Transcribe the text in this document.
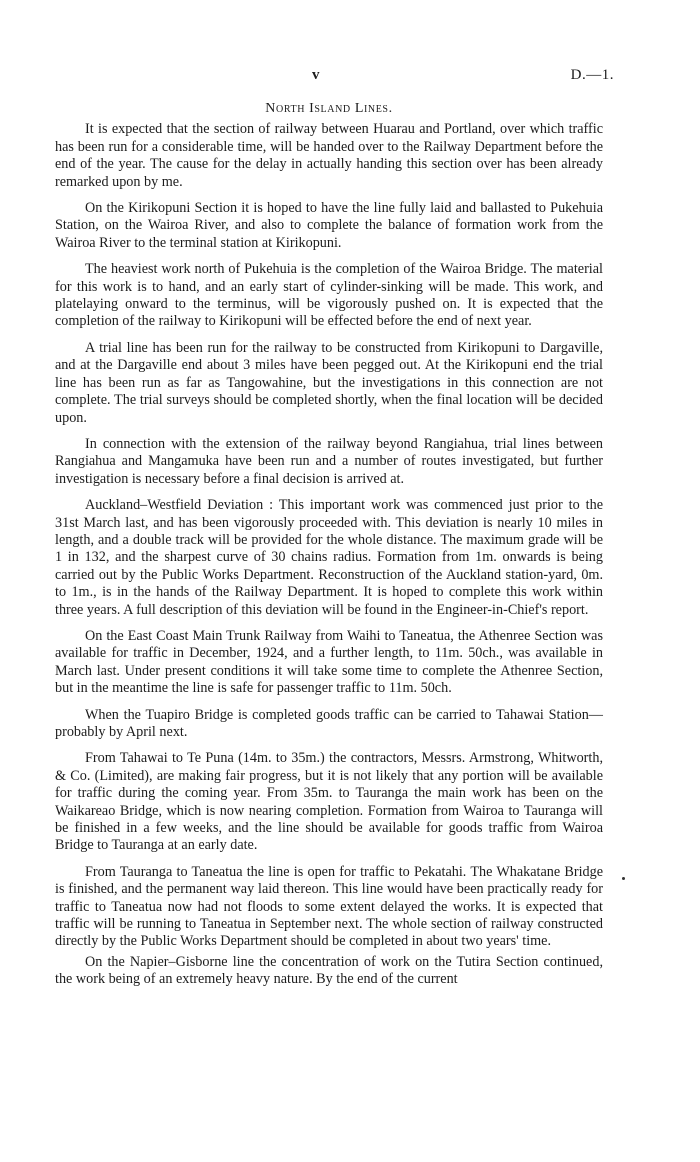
v	D.—1.
North Island Lines.

It is expected that the section of railway between Huarau and Portland, over which traffic has been run for a considerable time, will be handed over to the Railway Department before the end of the year. The cause for the delay in actually handing this section over has been already remarked upon by me.

On the Kirikopuni Section it is hoped to have the line fully laid and ballasted to Pukehuia Station, on the Wairoa River, and also to complete the balance of formation work from the Wairoa River to the terminal station at Kirikopuni.

The heaviest work north of Pukehuia is the completion of the Wairoa Bridge. The material for this work is to hand, and an early start of cylinder-sinking will be made. This work, and platelaying onward to the terminus, will be vigorously pushed on. It is expected that the completion of the railway to Kirikopuni will be effected before the end of next year.

A trial line has been run for the railway to be constructed from Kirikopuni to Dargaville, and at the Dargaville end about 3 miles have been pegged out. At the Kirikopuni end the trial line has been run as far as Tangowahine, but the investigations in this connection are not complete. The trial surveys should be completed shortly, when the final location will be decided upon.

In connection with the extension of the railway beyond Rangiahua, trial lines between Rangiahua and Mangamuka have been run and a number of routes investigated, but further investigation is necessary before a final decision is arrived at.

Auckland–Westfield Deviation : This important work was commenced just prior to the 31st March last, and has been vigorously proceeded with. This deviation is nearly 10 miles in length, and a double track will be provided for the whole distance. The maximum grade will be 1 in 132, and the sharpest curve of 30 chains radius. Formation from 1m. onwards is being carried out by the Public Works Department. Reconstruction of the Auckland station-yard, 0m. to 1m., is in the hands of the Railway Department. It is hoped to complete this work within three years. A full description of this deviation will be found in the Engineer-in-Chief's report.

On the East Coast Main Trunk Railway from Waihi to Taneatua, the Athenree Section was available for traffic in December, 1924, and a further length, to 11m. 50ch., was available in March last. Under present conditions it will take some time to complete the Athenree Section, but in the meantime the line is safe for passenger traffic to 11m. 50ch.

When the Tuapiro Bridge is completed goods traffic can be carried to Tahawai Station—probably by April next.

From Tahawai to Te Puna (14m. to 35m.) the contractors, Messrs. Armstrong, Whitworth, & Co. (Limited), are making fair progress, but it is not likely that any portion will be available for traffic during the coming year. From 35m. to Tauranga the main work has been on the Waikareao Bridge, which is now nearing completion. Formation from Wairoa to Tauranga will be finished in a few weeks, and the line should be available for goods traffic from Wairoa Bridge to Tauranga at an early date.

From Tauranga to Taneatua the line is open for traffic to Pekatahi. The Whakatane Bridge is finished, and the permanent way laid thereon. This line would have been practically ready for traffic to Taneatua now had not floods to some extent delayed the works. It is expected that traffic will be running to Taneatua in September next. The whole section of railway constructed directly by the Public Works Department should be completed in about two years' time.

On the Napier–Gisborne line the concentration of work on the Tutira Section continued, the work being of an extremely heavy nature. By the end of the current
